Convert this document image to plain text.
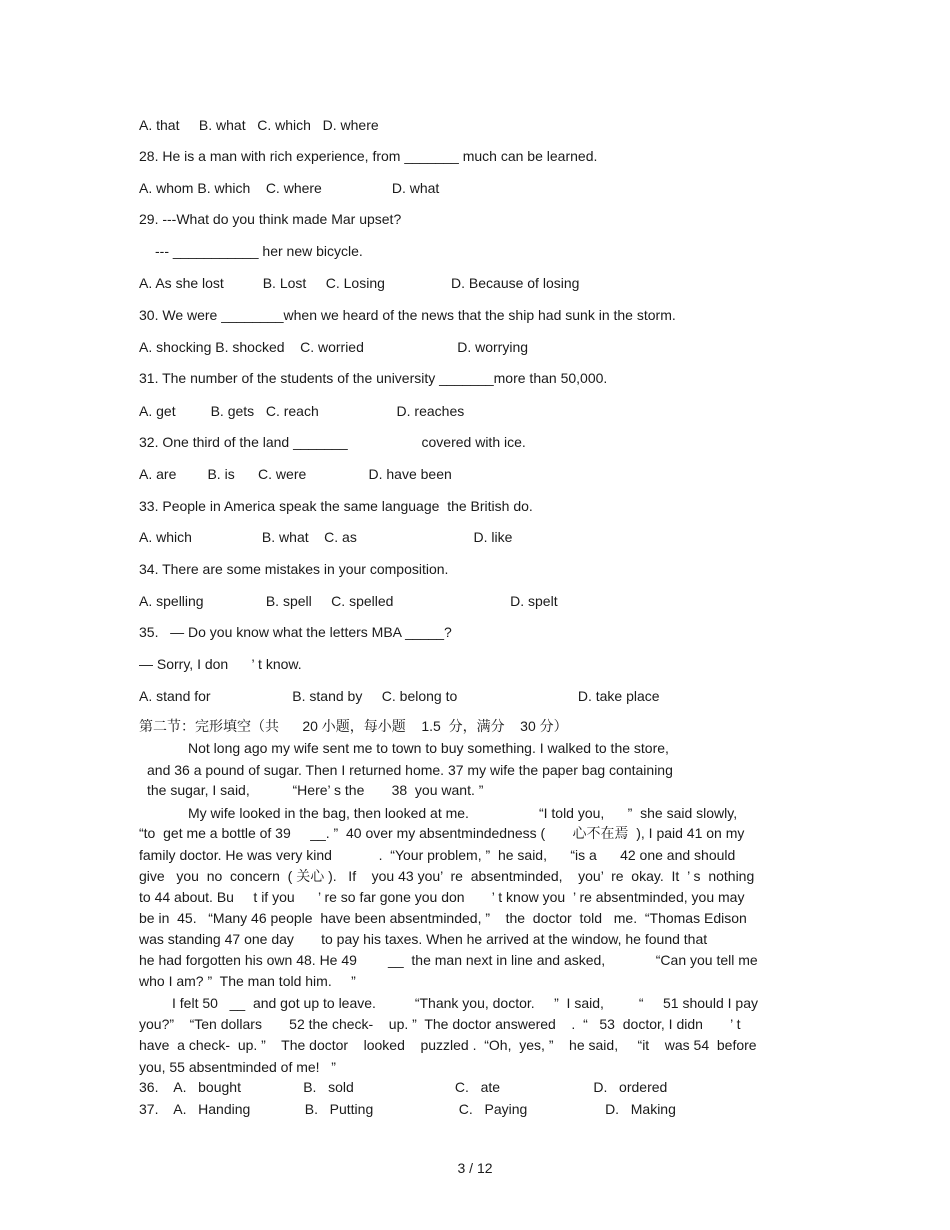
A. that     B. what   C. which   D. where
28. He is a man with rich experience, from _______ much can be learned.
A. whom B. which    C. where                  D. what
29. ---What do you think made Mar upset?
--- ___________ her new bicycle.
A. As she lost          B. Lost     C. Losing                 D. Because of losing
30. We were ________when we heard of the news that the ship had sunk in the storm.
A. shocking B. shocked    C. worried                        D. worrying
31. The number of the students of the university _______more than 50,000.
A. get         B. gets   C. reach                    D. reaches
32. One third of the land _______                   covered with ice.
A. are        B. is      C. were                D. have been
33. People in America speak the same language  the British do.
A. which                  B. what    C. as                              D. like
34. There are some mistakes in your composition.
A. spelling                B. spell     C. spelled                              D. spelt
35.   — Do you know what the letters MBA _____?
— Sorry, I don      ’ t know.
A. stand for                     B. stand by     C. belong to                               D. take place
第二节：完形填空（共      20 小题，每小题    1.5  分，满分    30 分）
Not long ago my wife sent me to town to buy something. I walked to the store,
and 36 a pound of sugar. Then I returned home. 37 my wife the paper bag containing
the sugar, I said,           “Here’ s the       38  you want. ”
My wife looked in the bag, then looked at me.                  “I told you,      ”  she said slowly,
“to  get me a bottle of 39     __. ”  40 over my absentmindedness (       心不在焉  ), I paid 41 on my
family doctor. He was very kind            .  “Your problem, ”  he said,      “is a      42 one and should
give   you  no  concern  ( 关心 ).   If    you 43 you’  re  absentminded,    you’  re  okay.  It  ’ s  nothing
to 44 about. Bu     t if you      ’ re so far gone you don       ’ t know you  ’ re absentminded, you may
be in  45.   “Many 46 people  have been absentminded, ”    the  doctor  told   me.  “Thomas Edison
was standing 47 one day       to pay his taxes. When he arrived at the window, he found that
he had forgotten his own 48. He 49        __  the man next in line and asked,             “Can you tell me
who I am? ”  The man told him.     ”
I felt 50   __  and got up to leave.          “Thank you, doctor.     ”  I said,         “     51 should I pay
you?”    “Ten dollars       52 the check-    up. ”  The doctor answered    .  “   53  doctor, I didn       ’ t
have  a check-  up. ”    The doctor    looked    puzzled .  “Oh,  yes, ”    he said,     “it    was 54  before
you, 55 absentminded of me!   ”
36.    A.   bought                B.   sold                          C.   ate                        D.   ordered
37.    A.   Handing              B.   Putting                      C.   Paying                    D.   Making
3 / 12
